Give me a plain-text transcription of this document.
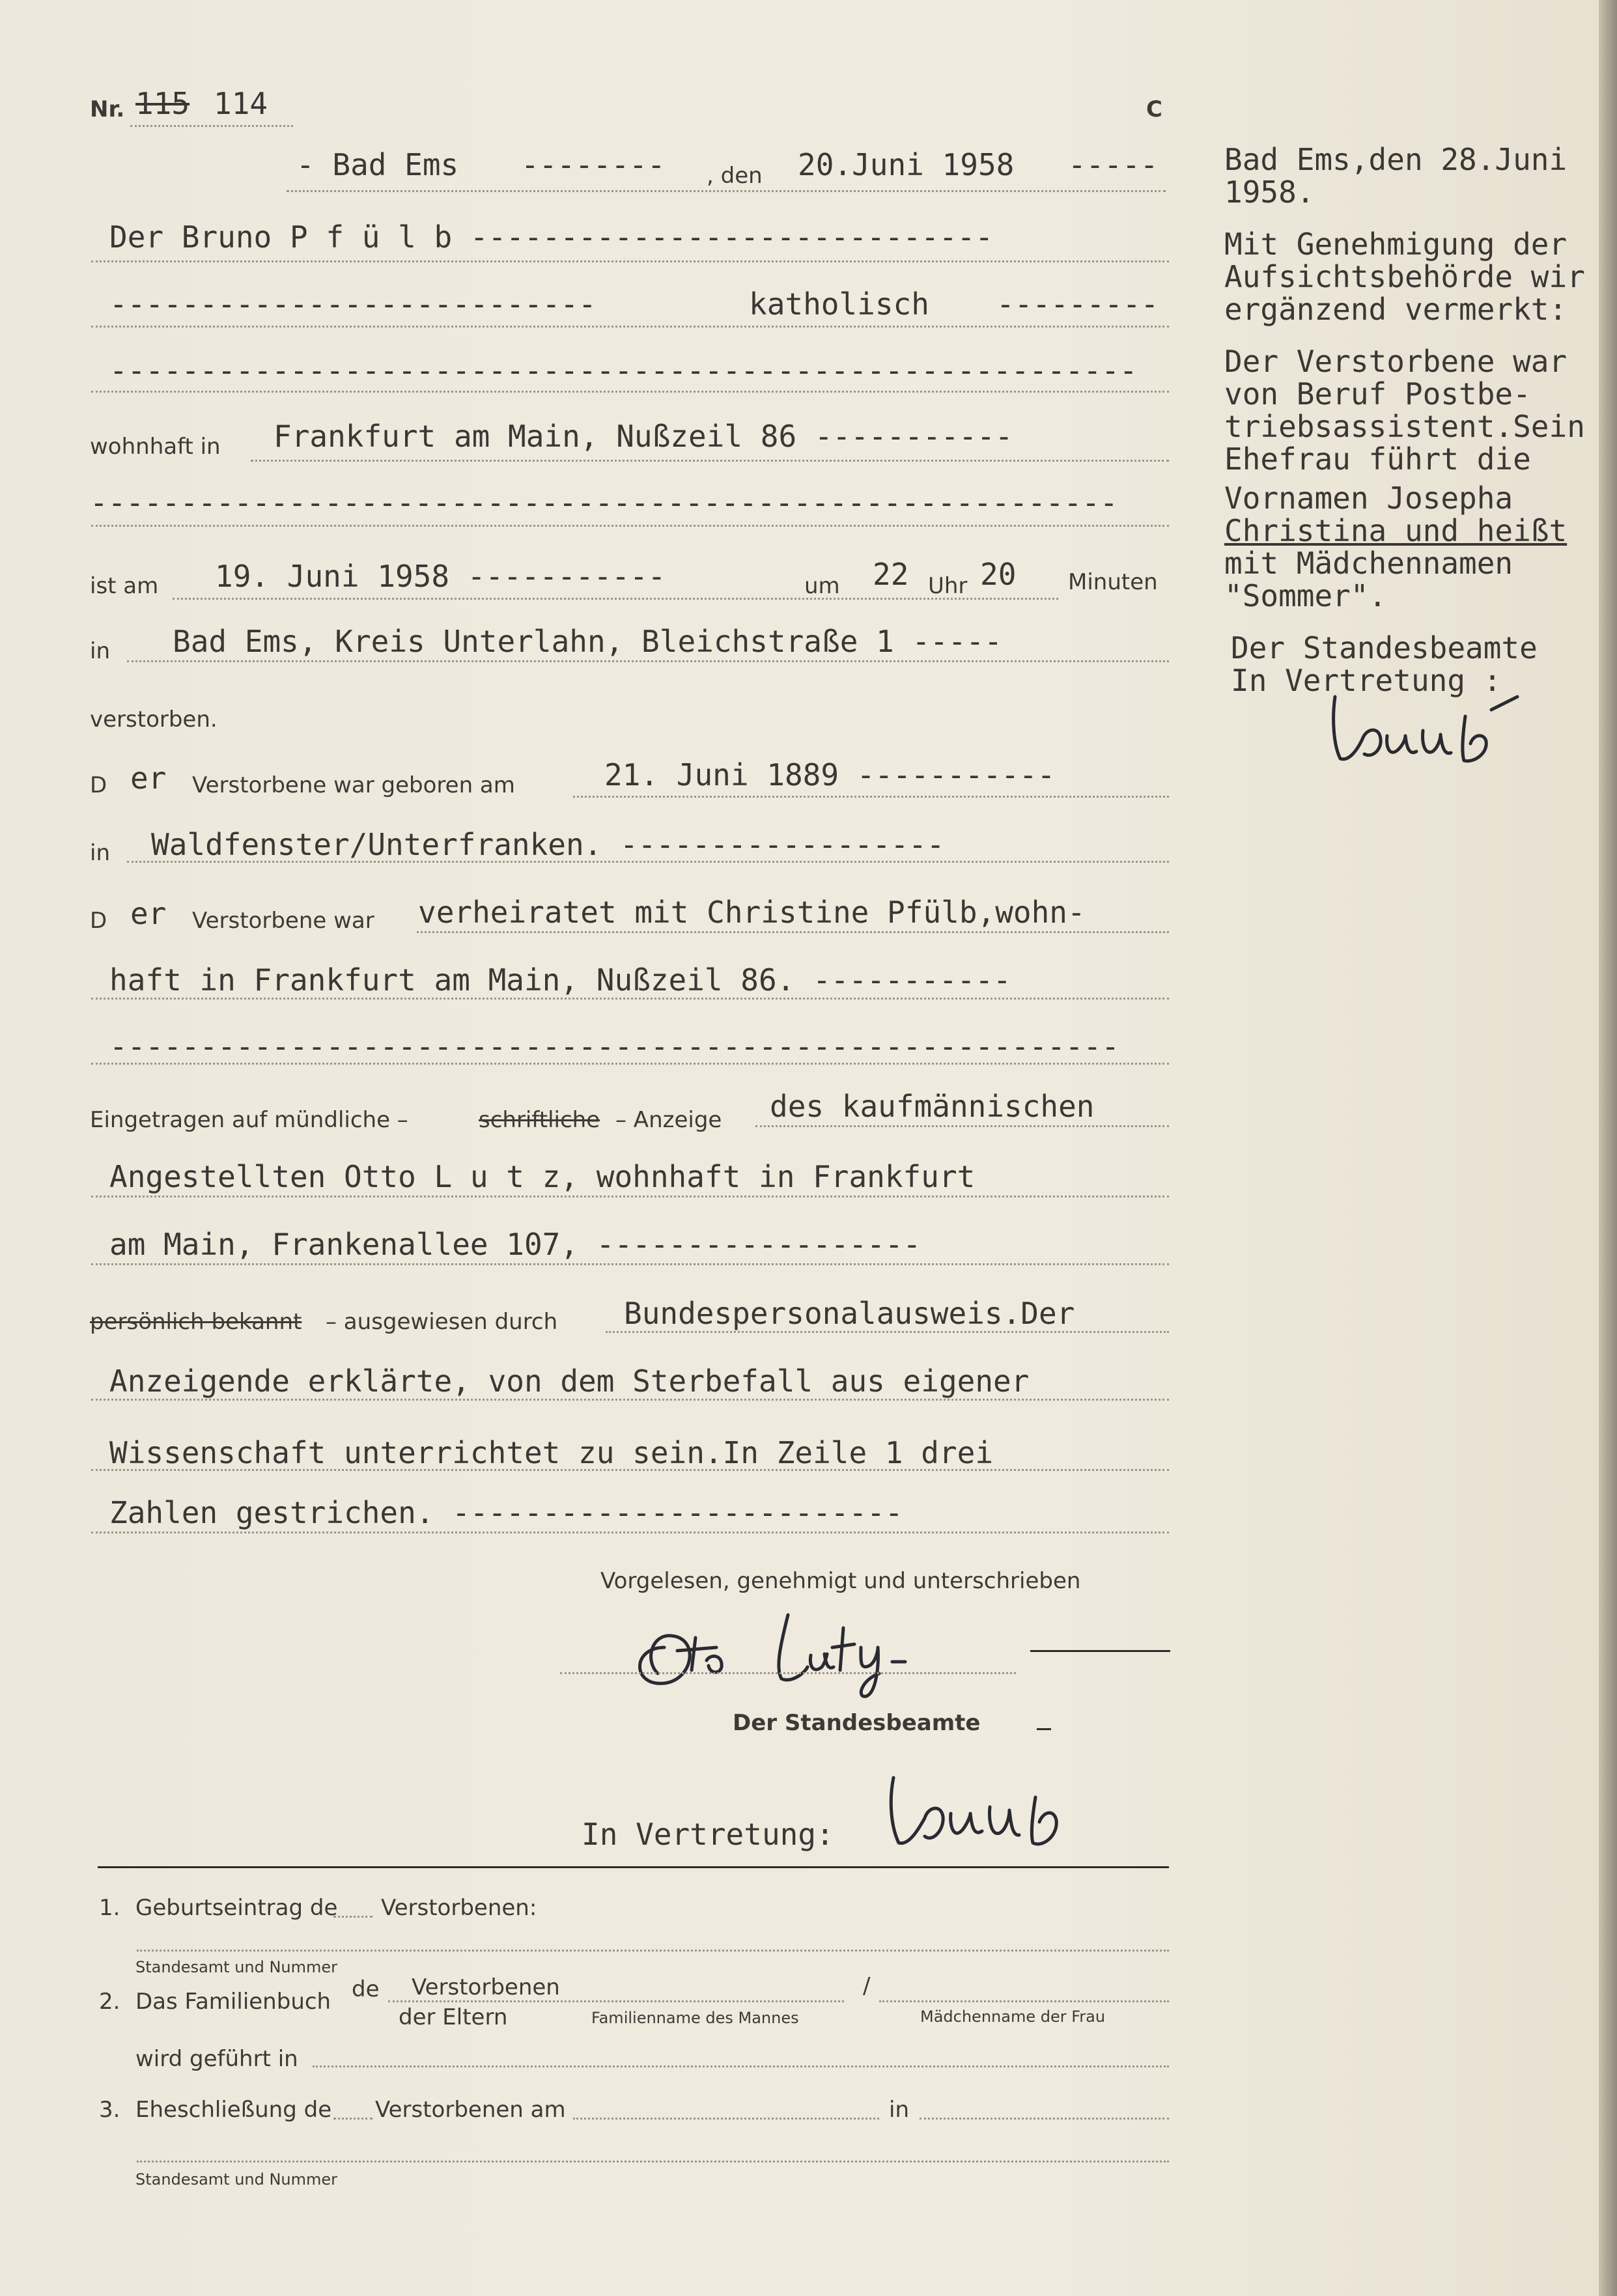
Nr. 115 114	C
- Bad Ems -------- , den 20.Juni 1958 -----
Der Bruno P f ü l b -----------------------------
---------------------------	katholisch ---------
---------------------------------------------------------
wohnhaft in Frankfurt am Main, Nußzeil 86 -----------
---------------------------------------------------------
ist am 19. Juni 1958 -----------	um 22 Uhr 20 Minuten
in Bad Ems, Kreis Unterlahn, Bleichstraße 1 -----
verstorben.
D er Verstorbene war geboren am	21. Juni 1889 -----------
in Waldfenster/Unterfranken. ------------------
D er Verstorbene war verheiratet mit Christine Pfülb,wohn-
haft in Frankfurt am Main, Nußzeil 86. -----------
--------------------------------------------------------
Eingetragen auf mündliche –	schriftliche – Anzeige des kaufmännischen
Angestellten Otto L u t z, wohnhaft in Frankfurt
am Main, Frankenallee 107, ------------------
persönlich bekannt – ausgewiesen durch Bundespersonalausweis.Der
Anzeigende erklärte, von dem Sterbefall aus eigener
Wissenschaft unterrichtet zu sein.In Zeile 1 drei
Zahlen gestrichen. -------------------------
Vorgelesen, genehmigt und unterschrieben
Der Standesbeamte
In Vertretung:
1. Geburtseintrag de Verstorbenen:
Standesamt und Nummer
2. Das Familienbuch de Verstorbenen	/
der Eltern	Familienname des Mannes	Mädchenname der Frau
wird geführt in
3. Eheschließung de Verstorbenen am	in
Standesamt und Nummer
Bad Ems,den 28.Juni
1958.
Mit Genehmigung der
Aufsichtsbehörde wir
ergänzend vermerkt:
Der Verstorbene war
von Beruf Postbe-
triebsassistent.Sein
Ehefrau führt die
Vornamen Josepha
Christina und heißt
mit Mädchennamen
"Sommer".
Der Standesbeamte
In Vertretung :
